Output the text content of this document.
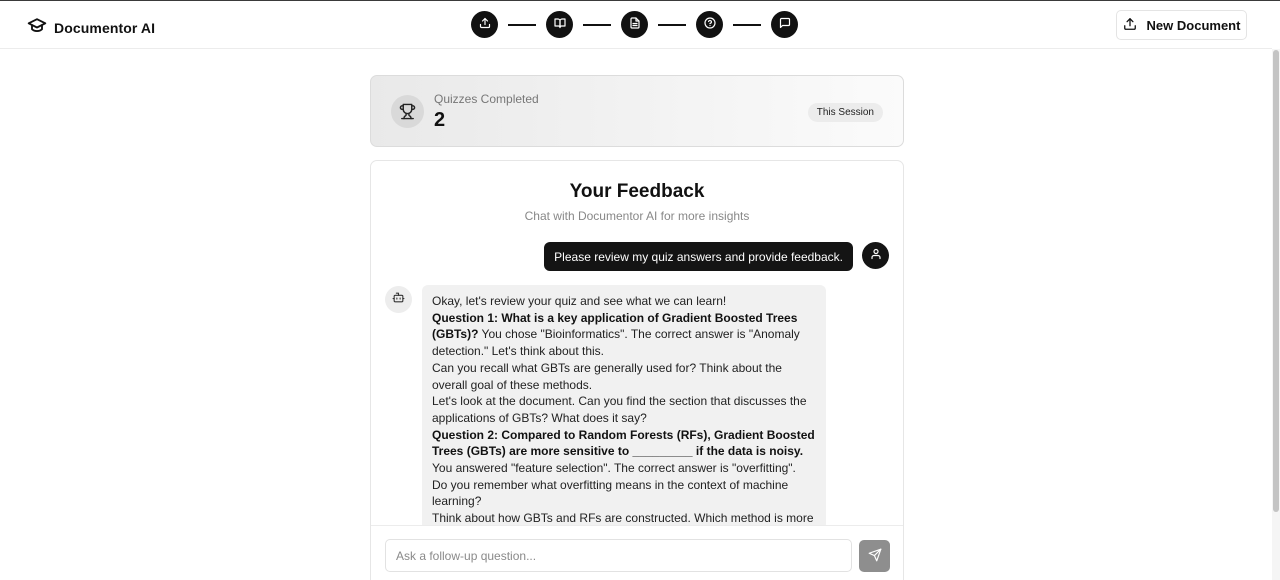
Documentor AI	New Document
Quizzes Completed
2	This Session
Your Feedback
Chat with Documentor AI for more insights
Please review my quiz answers and provide feedback.

Okay, let's review your quiz and see what we can learn!

Question 1: What is a key application of Gradient Boosted Trees (GBTs)? You chose "Bioinformatics". The correct answer is "Anomaly detection." Let's think about this.

Can you recall what GBTs are generally used for? Think about the overall goal of these methods.

Let's look at the document. Can you find the section that discusses the applications of GBTs? What does it say?

Question 2: Compared to Random Forests (RFs), Gradient Boosted Trees (GBTs) are more sensitive to _________ if the data is noisy. You answered "feature selection". The correct answer is "overfitting".

Do you remember what overfitting means in the context of machine learning?

Think about how GBTs and RFs are constructed. Which method is more

Ask a follow-up question...
